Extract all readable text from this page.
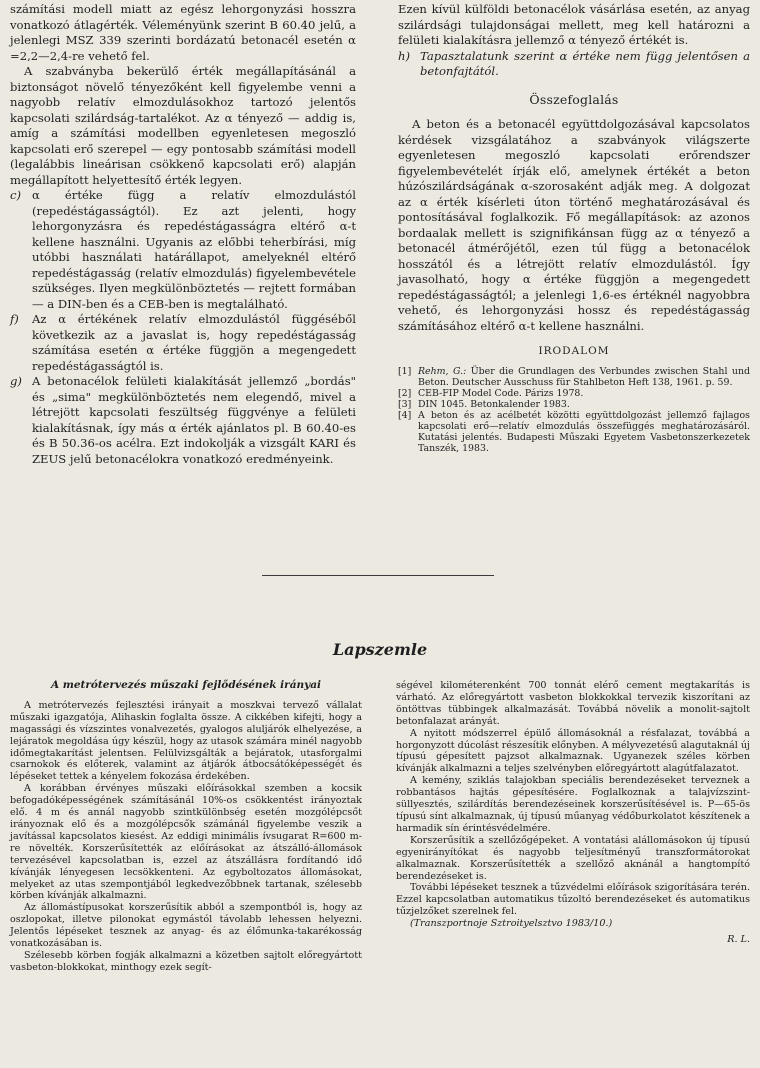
számítási modell miatt az egész lehorgonyzási hosszra vonatkozó átlagérték. Véleményünk szerint B 60.40 jelű, a jelenlegi MSZ 339 szerinti bordázatú betonacél esetén α =2,2—2,4-re vehető fel.

A szabványba bekerülő érték megállapításánál a biztonságot növelő tényezőként kell figyelembe venni a nagyobb relatív elmozdulásokhoz tartozó jelentős kapcsolati szilárdság-tartalékot. Az α tényező — addig is, amíg a számítási modellben egyenletesen megoszló kapcsolati erő szerepel — egy pontosabb számítási modell (legalábbis lineárisan csökkenő kapcsolati erő) alapján megállapított helyettesítő érték legyen.

c) α értéke függ a relatív elmozdulástól (repedéstágasságtól). Ez azt jelenti, hogy lehorgonyzásra és repedéstágasságra eltérő α-t kellene használni. Ugyanis az előbbi teherbírási, míg utóbbi használati határállapot, amelyeknél eltérő repedéstágasság (relatív elmozdulás) figyelembevétele szükséges. Ilyen megkülönböztetés — rejtett formában — a DIN-ben és a CEB-ben is megtalálható.
f) Az α értékének relatív elmozdulástól függéséből következik az a javaslat is, hogy repedéstágasság számítása esetén α értéke függjön a megengedett repedéstágasságtól is.
g) A betonacélok felületi kialakítását jellemző „bordás" és „sima" megkülönböztetés nem elegendő, mivel a létrejött kapcsolati feszültség függvénye a felületi kialakításnak, így más α érték ajánlatos pl. B 60.40-es és B 50.36-os acélra. Ezt indokolják a vizsgált KARI és ZEUS jelű betonacélokra vonatkozó eredményeink.

Ezen kívül külföldi betonacélok vásárlása esetén, az anyag szilárdsági tulajdonságai mellett, meg kell határozni a felületi kialakításra jellemző α tényező értékét is.

h) Tapasztalatunk szerint α értéke nem függ jelentősen a betonfajtától.
Összefoglalás

A beton és a betonacél együttdolgozásával kapcsolatos kérdések vizsgálatához a szabványok világszerte egyenletesen megoszló kapcsolati erőrendszer figyelembevételét írják elő, amelynek értékét a beton húzószilárdságának α-szorosaként adják meg. A dolgozat az α érték kísérleti úton történő meghatározásával és pontosításával foglalkozik. Fő megállapítások: az azonos bordaalak mellett is szignifikánsan függ az α tényező a betonacél átmérőjétől, ezen túl függ a betonacélok hosszától és a létrejött relatív elmozdulástól. Így javasolható, hogy α értéke függjön a megengedett repedéstágasságtól; a jelenlegi 1,6-es értéknél nagyobbra vehető, és lehorgonyzási hossz és repedéstágasság számításához eltérő α-t kellene használni.

IRODALOM
[1] Rehm, G.: Über die Grundlagen des Verbundes zwischen Stahl und Beton. Deutscher Ausschuss für Stahlbeton Heft 138, 1961. p. 59.
[2] CEB-FIP Model Code. Párizs 1978.
[3] DIN 1045. Betonkalender 1983.
[4] A beton és az acélbetét közötti együttdolgozást jellemző fajlagos kapcsolati erő—relatív elmozdulás összefüggés meghatározásáról. Kutatási jelentés. Budapesti Műszaki Egyetem Vasbetonszerkezetek Tanszék, 1983.
Lapszemle
A metrótervezés műszaki fejlődésének irányai

A metrótervezés fejlesztési irányait a moszkvai tervező vállalat műszaki igazgatója, Alihaskin foglalta össze. A cikkében kifejti, hogy a magassági és vízszintes vonalvezetés, gyalogos aluljárók elhelyezése, a lejáratok megoldása úgy készül, hogy az utasok számára minél nagyobb időmegtakarítást jelentsen. Felülvizsgálták a bejáratok, utasforgalmi csarnokok és előterek, valamint az átjárók átbocsátóképességét és lépéseket tettek a kényelem fokozása érdekében.

A korábban érvényes műszaki előírásokkal szemben a kocsik befogadóképességének számításánál 10%-os csökkentést irányoztak elő. 4 m és annál nagyobb szintkülönbség esetén mozgólépcsőt irányoznak elő és a mozgólépcsők számánál figyelembe veszik a javítással kapcsolatos kiesést. Az eddigi minimális ívsugarat R=600 m-re növelték. Korszerűsítették az előírásokat az átszálló-állomások tervezésével kapcsolatban is, ezzel az átszállásra fordítandó idő kívánják lényegesen lecsökkenteni. Az egyboltozatos állomásokat, melyeket az utas szempontjából legkedvezőbbnek tartanak, szélesebb körben kívánják alkalmazni.

Az állomástípusokat korszerűsítik abból a szempontból is, hogy az oszlopokat, illetve pilonokat egymástól távolabb lehessen helyezni. Jelentős lépéseket tesznek az anyag- és az élőmunka-takarékosság vonatkozásában is.

Szélesebb körben fogják alkalmazni a közetben sajtolt előregyártott vasbeton-blokkokat, minthogy ezek segít-

ségével kilométerenként 700 tonnát elérő cement megtakarítás is várható. Az előregyártott vasbeton blokkokkal tervezik kiszorítani az öntöttvas tübbingek alkalmazását. Továbbá növelik a monolit-sajtolt betonfalazat arányát.

A nyitott módszerrel épülő állomásoknál a résfalazat, továbbá a horgonyzott dúcolást részesítik előnyben. A mélyvezetésű alagutaknál új típusú gépesített pajzsot alkalmaznak. Ugyanezek széles körben kívánják alkalmazni a teljes szelvényben előregyártott alagútfalazatot.

A kemény, sziklás talajokban speciális berendezéseket terveznek a robbantásos hajtás gépesítésére. Foglalkoznak a talajvízszint-süllyesztés, szilárdítás berendezéseinek korszerűsítésével is. P—65-ös típusú sínt alkalmaznak, új típusú műanyag védőburkolatot készítenek a harmadik sín érintésvédelmére.

Korszerűsítik a szellőzőgépeket. A vontatási alállomásokon új típusú egyenirányítókat és nagyobb teljesítményű transzformátorokat alkalmaznak. Korszerűsítették a szellőző aknánál a hangtompító berendezéseket is.

További lépéseket tesznek a tűzvédelmi előírások szigorítására terén. Ezzel kapcsolatban automatikus tűzoltó berendezéseket és automatikus tűzjelzőket szerelnek fel.

(Transzportnoje Sztroityelsztvo 1983/10.)

R. L.
